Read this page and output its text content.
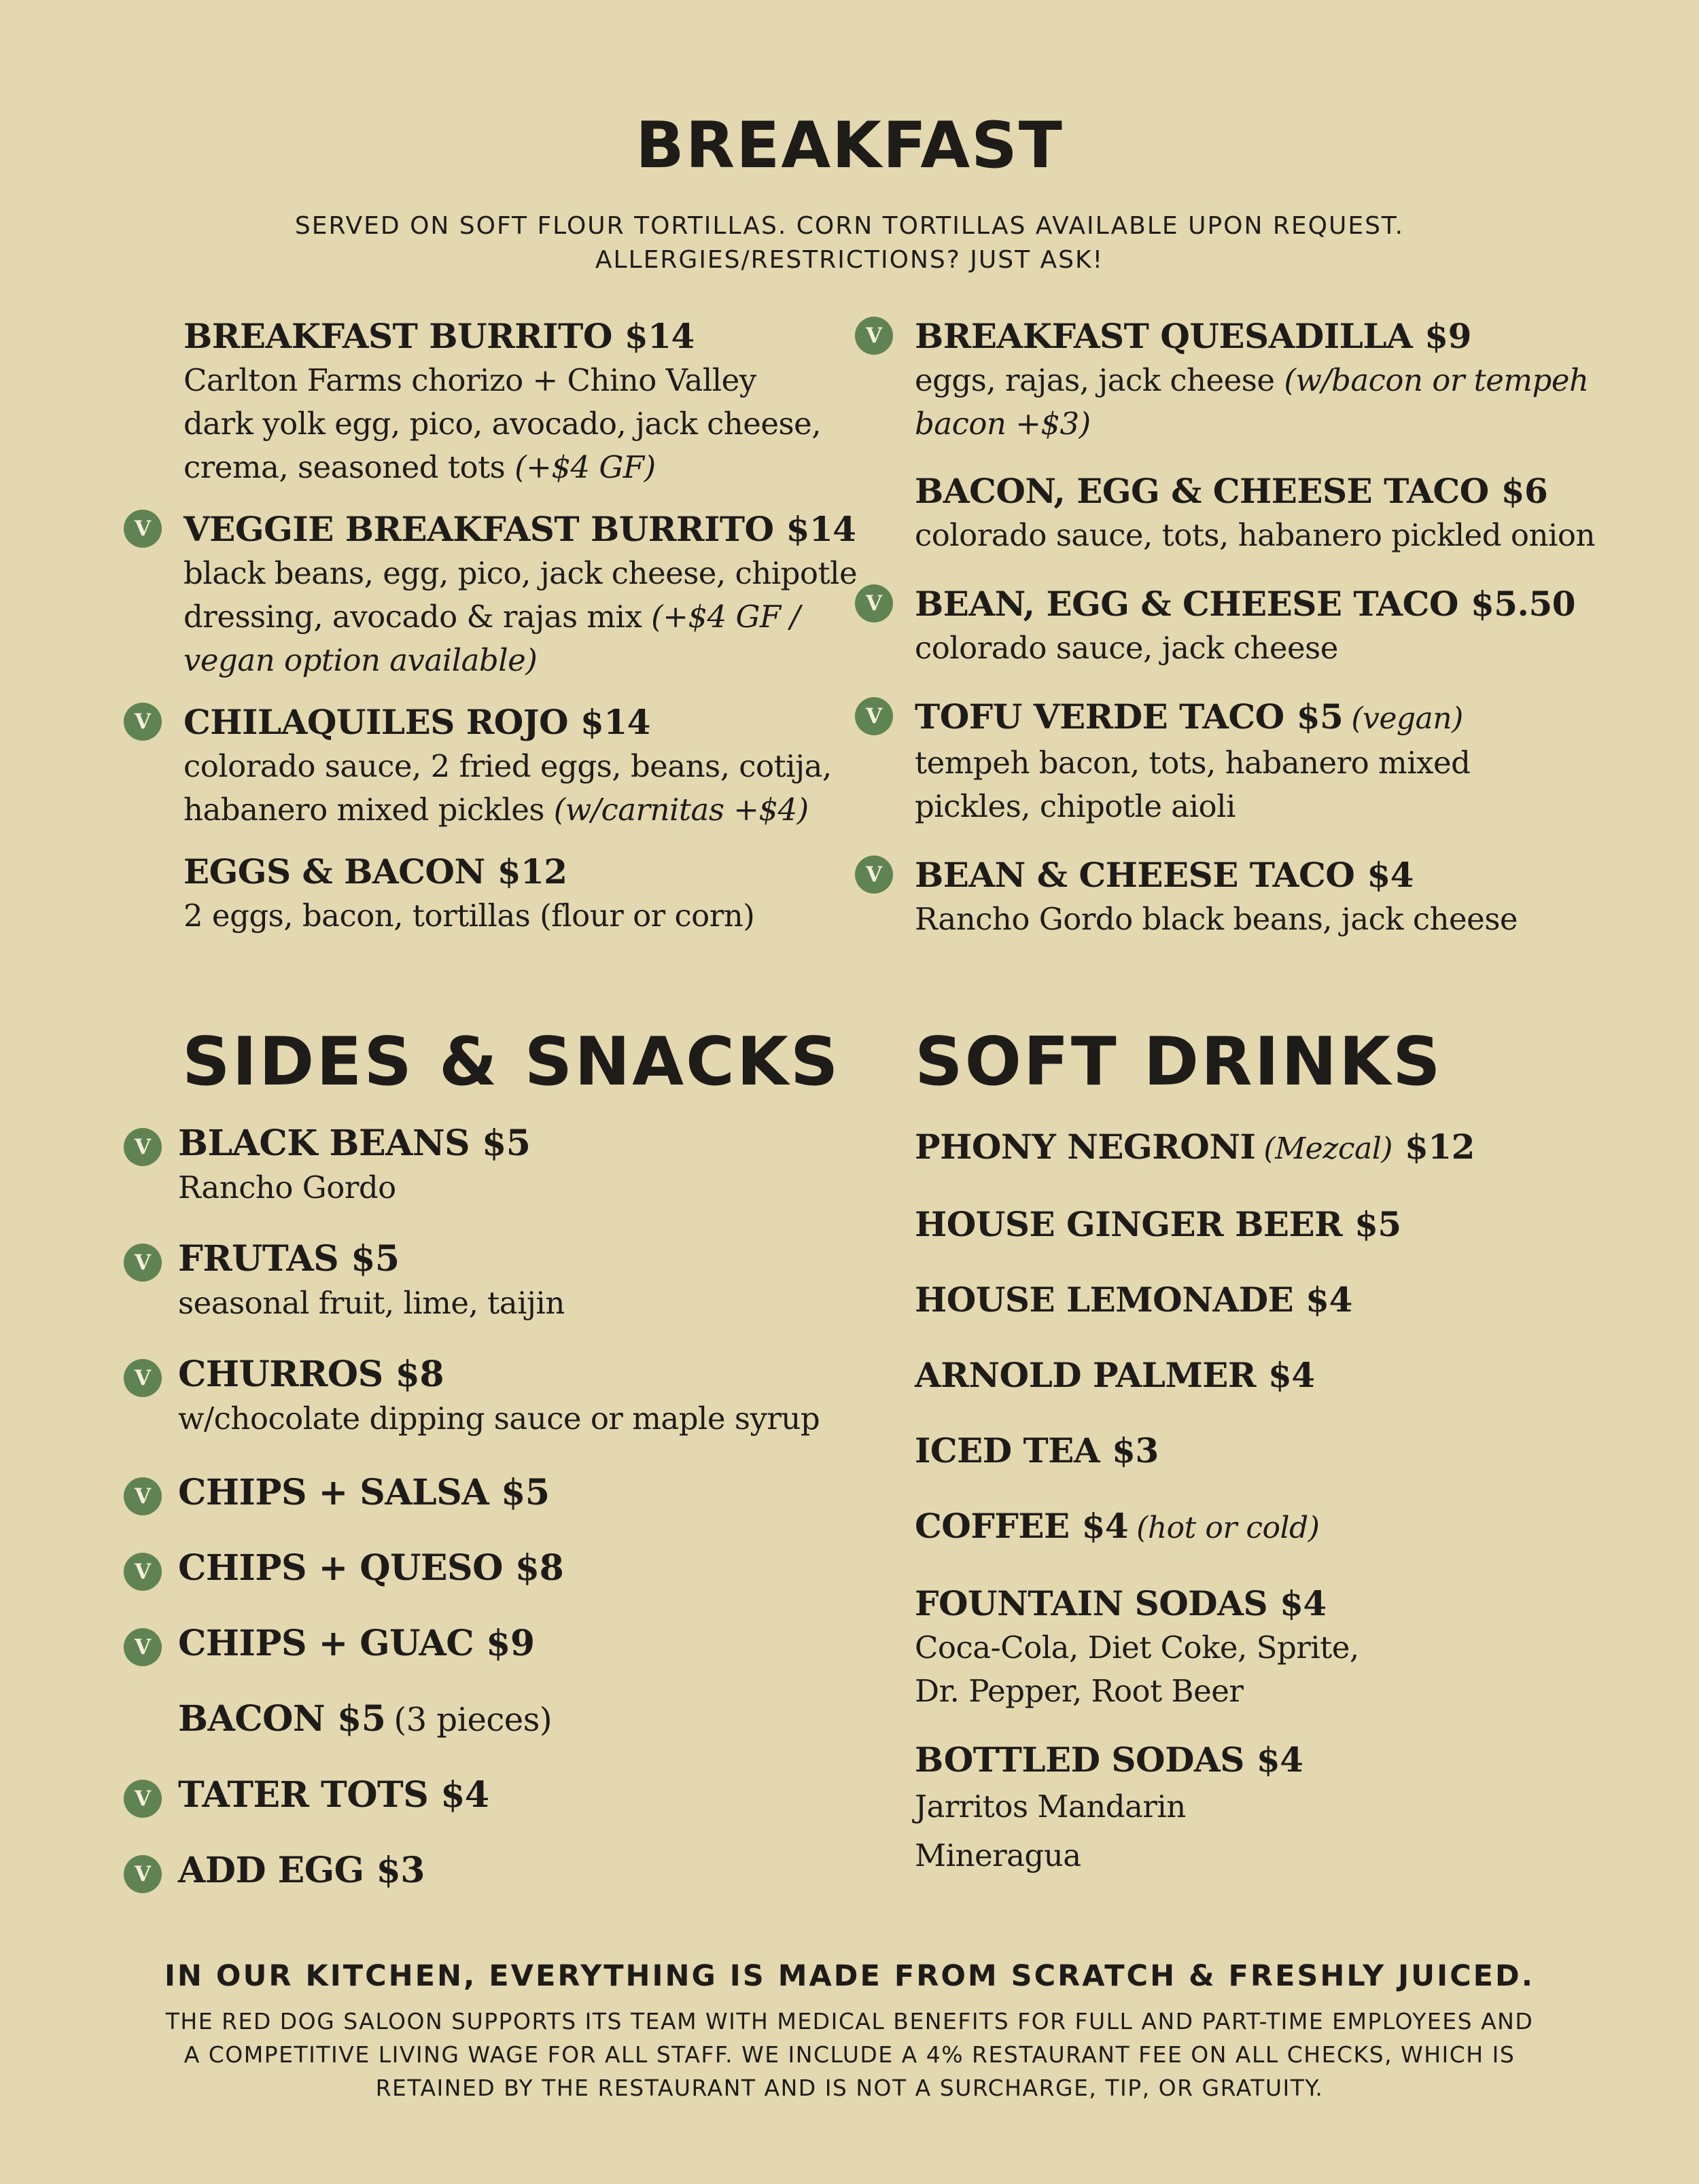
BREAKFAST
SERVED ON SOFT FLOUR TORTILLAS. CORN TORTILLAS AVAILABLE UPON REQUEST.
ALLERGIES/RESTRICTIONS? JUST ASK!
BREAKFAST BURRITO $14
Carlton Farms chorizo + Chino Valley
dark yolk egg, pico, avocado, jack cheese,
crema, seasoned tots (+$4 GF)
V VEGGIE BREAKFAST BURRITO $14
black beans, egg, pico, jack cheese, chipotle
dressing, avocado & rajas mix (+$4 GF /
vegan option available)
V CHILAQUILES ROJO $14
colorado sauce, 2 fried eggs, beans, cotija,
habanero mixed pickles (w/carnitas +$4)
EGGS & BACON $12
2 eggs, bacon, tortillas (flour or corn)
V BREAKFAST QUESADILLA $9
eggs, rajas, jack cheese (w/bacon or tempeh
bacon +$3)
BACON, EGG & CHEESE TACO $6
colorado sauce, tots, habanero pickled onion
V BEAN, EGG & CHEESE TACO $5.50
colorado sauce, jack cheese
V TOFU VERDE TACO $5 (vegan)
tempeh bacon, tots, habanero mixed
pickles, chipotle aioli
V BEAN & CHEESE TACO $4
Rancho Gordo black beans, jack cheese
SIDES & SNACKS
V BLACK BEANS $5
Rancho Gordo
V FRUTAS $5
seasonal fruit, lime, taijin
V CHURROS $8
w/chocolate dipping sauce or maple syrup
V CHIPS + SALSA $5
V CHIPS + QUESO $8
V CHIPS + GUAC $9
BACON $5 (3 pieces)
V TATER TOTS $4
V ADD EGG $3
SOFT DRINKS
PHONY NEGRONI (Mezcal) $12
HOUSE GINGER BEER $5
HOUSE LEMONADE $4
ARNOLD PALMER $4
ICED TEA $3
COFFEE $4 (hot or cold)
FOUNTAIN SODAS $4
Coca-Cola, Diet Coke, Sprite,
Dr. Pepper, Root Beer
BOTTLED SODAS $4
Jarritos Mandarin
Mineragua
IN OUR KITCHEN, EVERYTHING IS MADE FROM SCRATCH & FRESHLY JUICED.
THE RED DOG SALOON SUPPORTS ITS TEAM WITH MEDICAL BENEFITS FOR FULL AND PART-TIME EMPLOYEES AND
A COMPETITIVE LIVING WAGE FOR ALL STAFF. WE INCLUDE A 4% RESTAURANT FEE ON ALL CHECKS, WHICH IS
RETAINED BY THE RESTAURANT AND IS NOT A SURCHARGE, TIP, OR GRATUITY.
